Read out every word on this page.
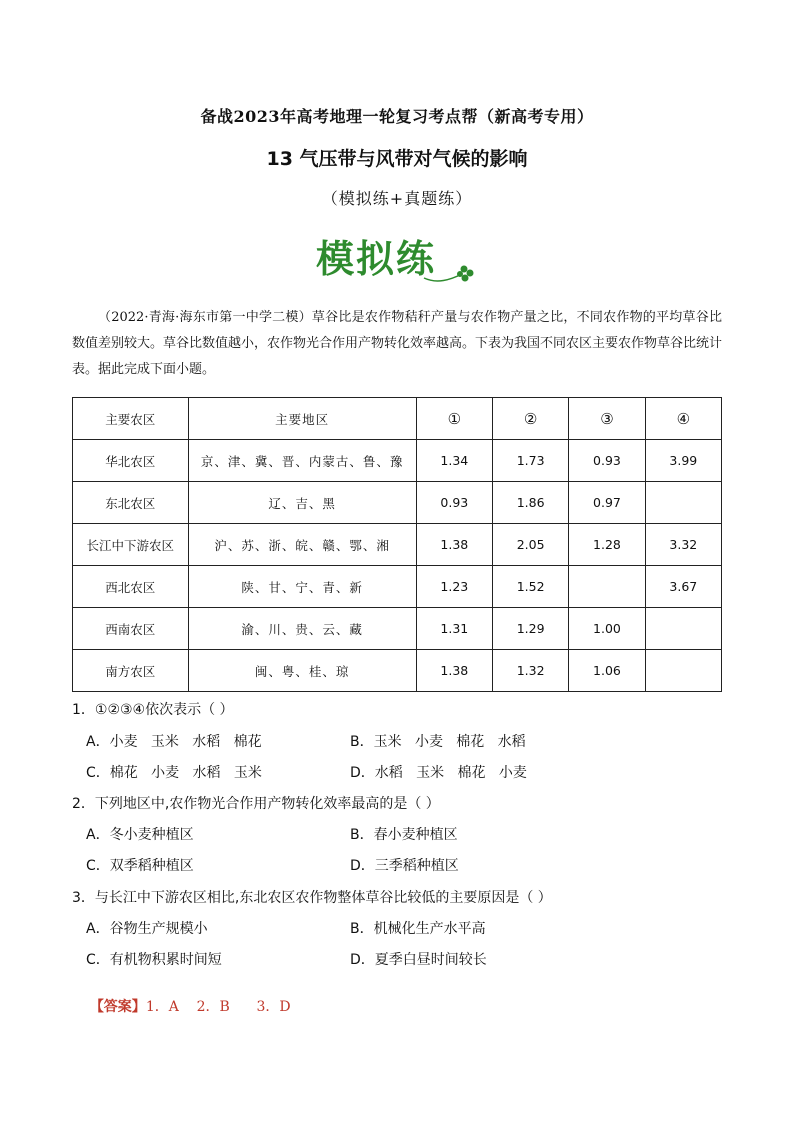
备战2023年高考地理一轮复习考点帮（新高考专用）
13 气压带与风带对气候的影响
（模拟练+真题练）
模拟练
（2022·青海·海东市第一中学二模）草谷比是农作物秸秆产量与农作物产量之比，不同农作物的平均草谷比数值差别较大。草谷比数值越小，农作物光合作用产物转化效率越高。下表为我国不同农区主要农作物草谷比统计表。据此完成下面小题。
主要农区	主要地区	①	②	③	④
华北农区	京、津、冀、晋、内蒙古、鲁、豫	1.34	1.73	0.93	3.99
东北农区	辽、吉、黑	0.93	1.86	0.97	
长江中下游农区	沪、苏、浙、皖、赣、鄂、湘	1.38	2.05	1.28	3.32
西北农区	陕、甘、宁、青、新	1.23	1.52		3.67
西南农区	渝、川、贵、云、藏	1.31	1.29	1.00	
南方农区	闽、粤、桂、琼	1.38	1.32	1.06	
1．①②③④依次表示（ ）
A．小麦   玉米   水稻   棉花	B．玉米   小麦   棉花   水稻
C．棉花   小麦   水稻   玉米	D．水稻   玉米   棉花   小麦
2．下列地区中,农作物光合作用产物转化效率最高的是（ ）
A．冬小麦种植区	B．春小麦种植区
C．双季稻种植区	D．三季稻种植区
3．与长江中下游农区相比,东北农区农作物整体草谷比较低的主要原因是（ ）
A．谷物生产规模小	B．机械化生产水平高
C．有机物积累时间短	D．夏季白昼时间较长

【答案】1．A    2．B      3．D
